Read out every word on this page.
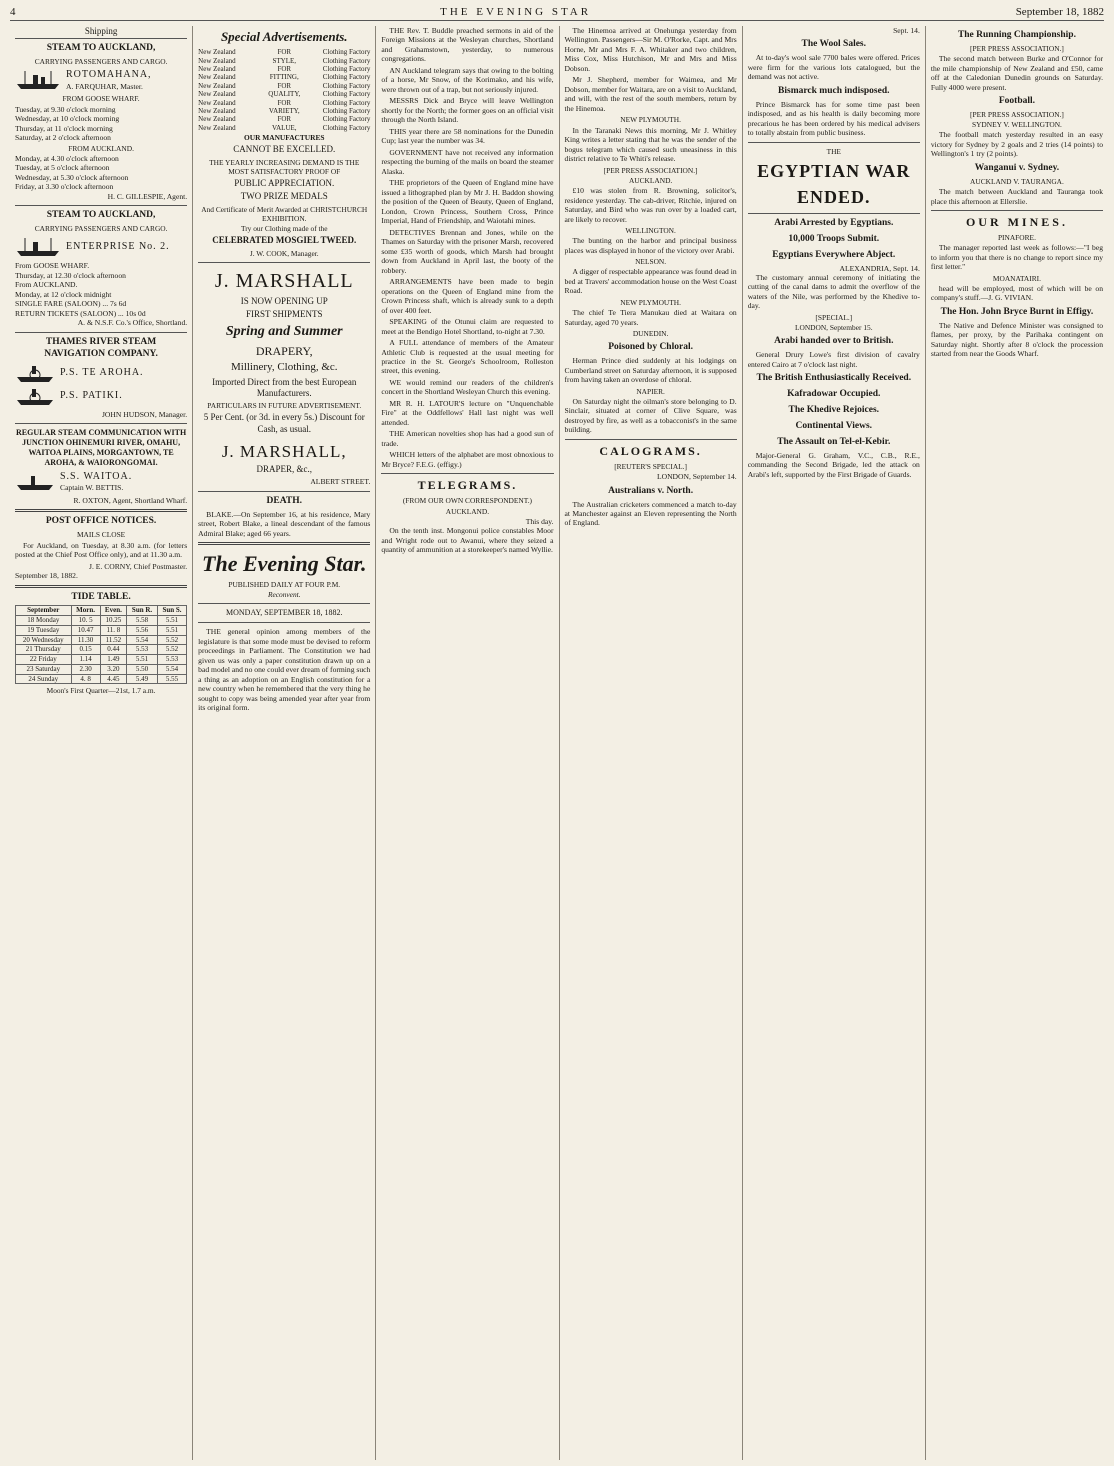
4	THE EVENING STAR	September 18, 1882
Shipping
STEAM TO AUCKLAND,
CARRYING PASSENGERS AND CARGO.
ROTOMAHANA,
A. FARQUHAR, Master.
FROM GOOSE WHARF.
Tuesday, at 9.30 o'clock morning
Wednesday, at 10 o'clock morning
Thursday, at 11 o'clock morning
Saturday, at 2 o'clock afternoon
FROM AUCKLAND.
Monday, at 4.30 o'clock afternoon
Tuesday, at 5 o'clock afternoon
Wednesday, at 5.30 o'clock afternoon
Friday, at 3.30 o'clock afternoon
H. C. GILLESPIE, Agent.
STEAM TO AUCKLAND,
CARRYING PASSENGERS AND CARGO.
ENTERPRISE No. 2.
From GOOSE WHARF.
Thursday, at 12.30 o'clock afternoon
From AUCKLAND.
Monday, at 12 o'clock midnight
SINGLE FARE (SALOON) ... 7s 6d
RETURN TICKETS (SALOON) ... 10s 0d
A. & N.S.F. Co.'s Office, Shortland.
THAMES RIVER STEAM NAVIGATION COMPANY.
P.S. TE AROHA.
P.S. PATIKI.
JOHN HUDSON, Manager.
REGULAR STEAM COMMUNICATION WITH JUNCTION OHINEMURI RIVER, OMAHU, WAITOA PLAINS, MORGANTOWN, TE AROHA, & WAIORONGOMAI.
S.S. WAITOA.
Captain W. BETTIS.
R. OXTON, Agent, Shortland Wharf.
POST OFFICE NOTICES.
MAILS CLOSE
For Auckland, on Tuesday, at 8.30 a.m. (for letters posted at the Chief Post Office only), and at 11.30 a.m.
J. E. CORNY, Chief Postmaster.
September 18, 1882.
TIDE TABLE.
September	Morn.	Even.	Sun R.	Sun S.
18 Monday	10. 5	10.25	5.58	5.51
19 Tuesday	10.47	11. 8	5.56	5.51
20 Wednesday	11.30	11.52	5.54	5.52
21 Thursday	0.15	0.44	5.53	5.52
22 Friday	1.14	1.49	5.51	5.53
23 Saturday	2.30	3.20	5.50	5.54
24 Sunday	4. 8	4.45	5.49	5.55
Moon's First Quarter—21st, 1.7 a.m.
Special Advertisements.
New Zealand	FOR	Clothing Factory
New Zealand	STYLE,	Clothing Factory
New Zealand	FOR	Clothing Factory
New Zealand	FITTING,	Clothing Factory
New Zealand	FOR	Clothing Factory
New Zealand	QUALITY,	Clothing Factory
New Zealand	FOR	Clothing Factory
New Zealand	VARIETY,	Clothing Factory
New Zealand	FOR	Clothing Factory
New Zealand	VALUE,	Clothing Factory
OUR MANUFACTURES
CANNOT BE EXCELLED.
THE YEARLY INCREASING DEMAND IS THE MOST SATISFACTORY PROOF OF
PUBLIC APPRECIATION.
TWO PRIZE MEDALS
And Certificate of Merit Awarded at CHRISTCHURCH EXHIBITION.
Try our Clothing made of the
CELEBRATED MOSGIEL TWEED.
J. W. COOK, Manager.
J. MARSHALL
IS NOW OPENING UP
FIRST SHIPMENTS
Spring and Summer
DRAPERY,
Millinery, Clothing, &c.
Imported Direct from the best European Manufacturers.
PARTICULARS IN FUTURE ADVERTISEMENT.
5 Per Cent. (or 3d. in every 5s.) Discount for Cash, as usual.
J. MARSHALL,
DRAPER, &c.,
ALBERT STREET.
DEATH.
BLAKE.—On September 16, at his residence, Mary street, Robert Blake, a lineal descendant of the famous Admiral Blake; aged 66 years.
The Evening Star.
PUBLISHED DAILY AT FOUR P.M.
Reconvent.
MONDAY, SEPTEMBER 18, 1882.
THE general opinion among members of the legislature is that some mode must be devised to reform proceedings in Parliament. The Constitution we had given us was only a paper constitution drawn up on a bad model and no one could ever dream of forming such a thing as an adoption on an English constitution for a new country when he remembered that the very thing he sought to copy was being amended year after year from its original form.
THE Rev. T. Buddle preached sermons in aid of the Foreign Missions at the Wesleyan churches, Shortland and Grahamstown, yesterday, to numerous congregations.
AN Auckland telegram says that owing to the bolting of a horse, Mr Snow, of the Korimako, and his wife, were thrown out of a trap, but not seriously injured.
MESSRS Dick and Bryce will leave Wellington shortly for the North; the former goes on an official visit through the North Island.
THIS year there are 58 nominations for the Dunedin Cup; last year the number was 34.
GOVERNMENT have not received any information respecting the burning of the mails on board the steamer Alaska.
THE proprietors of the Queen of England mine have issued a lithographed plan by Mr J. H. Baddon showing the position of the Queen of Beauty, Queen of England, London, Crown Princess, Southern Cross, Prince Imperial, Hand of Friendship, and Waiotahi mines.
DETECTIVES Brennan and Jones, while on the Thames on Saturday with the prisoner Marsh, recovered some £35 worth of goods, which Marsh had brought down from Auckland in April last, the booty of the robbery.
ARRANGEMENTS have been made to begin operations on the Queen of England mine from the Crown Princess shaft, which is already sunk to a depth of over 400 feet.
SPEAKING of the Otunui claim are requested to meet at the Bendigo Hotel Shortland, to-night at 7.30.
A FULL attendance of members of the Amateur Athletic Club is requested at the usual meeting for practice in the St. George's Schoolroom, Rolleston street, this evening.
WE would remind our readers of the children's concert in the Shortland Wesleyan Church this evening.
MR R. H. LATOUR'S lecture on "Unquenchable Fire" at the Oddfellows' Hall last night was well attended.
THE American novelties shop has had a good sun of trade.
WHICH letters of the alphabet are most obnoxious to Mr Bryce? F.E.G. (effigy.)
TELEGRAMS.
(FROM OUR OWN CORRESPONDENT.)
AUCKLAND.
This day.
On the tenth inst. Mongonui police constables Moor and Wright rode out to Awanui, where they seized a quantity of ammunition at a storekeeper's named Wyllie.
The Hinemoa arrived at Onehunga yesterday from Wellington. Passengers—Sir M. O'Rorke, Capt. and Mrs Horne, Mr and Mrs F. A. Whitaker and two children, Miss Cox, Miss Hutchison, Mr and Mrs and Miss Dobson.
Mr J. Shepherd, member for Waimea, and Mr Dobson, member for Waitara, are on a visit to Auckland, and will, with the rest of the south members, return by the Hinemoa.
NEW PLYMOUTH.
In the Taranaki News this morning, Mr J. Whitley King writes a letter stating that he was the sender of the bogus telegram which caused such uneasiness in this district relative to Te Whiti's release.
[PER PRESS ASSOCIATION.]
AUCKLAND.
£10 was stolen from R. Browning, solicitor's, residence yesterday. The cab-driver, Ritchie, injured on Saturday, and Bird who was run over by a loaded cart, are likely to recover.
WELLINGTON.
The bunting on the harbor and principal business places was displayed in honor of the victory over Arabi.
NELSON.
A digger of respectable appearance was found dead in bed at Travers' accommodation house on the West Coast Road.
NEW PLYMOUTH.
The chief Te Tiera Manukau died at Waitara on Saturday, aged 70 years.
DUNEDIN.
Poisoned by Chloral.
Herman Prince died suddenly at his lodgings on Cumberland street on Saturday afternoon, it is supposed from having taken an overdose of chloral.
NAPIER.
On Saturday night the oilman's store belonging to D. Sinclair, situated at corner of Clive Square, was destroyed by fire, as well as a tobacconist's in the same building.
CALOGRAMS.
[REUTER'S SPECIAL.]
LONDON, September 14.
Australians v. North.
The Australian cricketers commenced a match to-day at Manchester against an Eleven representing the North of England.
Sept. 14.
The Wool Sales.
At to-day's wool sale 7700 bales were offered. Prices were firm for the various lots catalogued, but the demand was not active.
Bismarck much indisposed.
Prince Bismarck has for some time past been indisposed, and as his health is daily becoming more precarious he has been ordered by his medical advisers to totally abstain from public business.
THE
EGYPTIAN WAR
ENDED.
Arabi Arrested by Egyptians.
10,000 Troops Submit.
Egyptians Everywhere Abject.
ALEXANDRIA, Sept. 14.
The customary annual ceremony of initiating the cutting of the canal dams to admit the overflow of the waters of the Nile, was performed by the Khedive to-day.
[SPECIAL.]
LONDON, September 15.
Arabi handed over to British.
General Drury Lowe's first division of cavalry entered Cairo at 7 o'clock last night.
The British Enthusiastically Received.
Kafradowar Occupied.
The Khedive Rejoices.
Continental Views.
The Assault on Tel-el-Kebir.
Major-General G. Graham, V.C., C.B., R.E., commanding the Second Brigade, led the attack on Arabi's left, supported by the First Brigade of Guards.
The Running Championship.
[PER PRESS ASSOCIATION.]
The second match between Burke and O'Connor for the mile championship of New Zealand and £50, came off at the Caledonian Dunedin grounds on Saturday. Fully 4000 were present.
Football.
[PER PRESS ASSOCIATION.]
SYDNEY V. WELLINGTON.
The football match yesterday resulted in an easy victory for Sydney by 2 goals and 2 tries (14 points) to Wellington's 1 try (2 points).
Wanganui v. Sydney.
AUCKLAND V. TAURANGA.
The match between Auckland and Tauranga took place this afternoon at Ellerslie.
OUR MINES.
PINAFORE.
The manager reported last week as follows:—"I beg to inform you that there is no change to report since my first letter."
MOANATAIRI.
head will be employed, most of which will be on company's stuff.—J. G. VIVIAN.
The Hon. John Bryce Burnt in Effigy.
The Native and Defence Minister was consigned to flames, per proxy, by the Parihaka contingent on Saturday night. Shortly after 8 o'clock the procession started from near the Goods Wharf.
